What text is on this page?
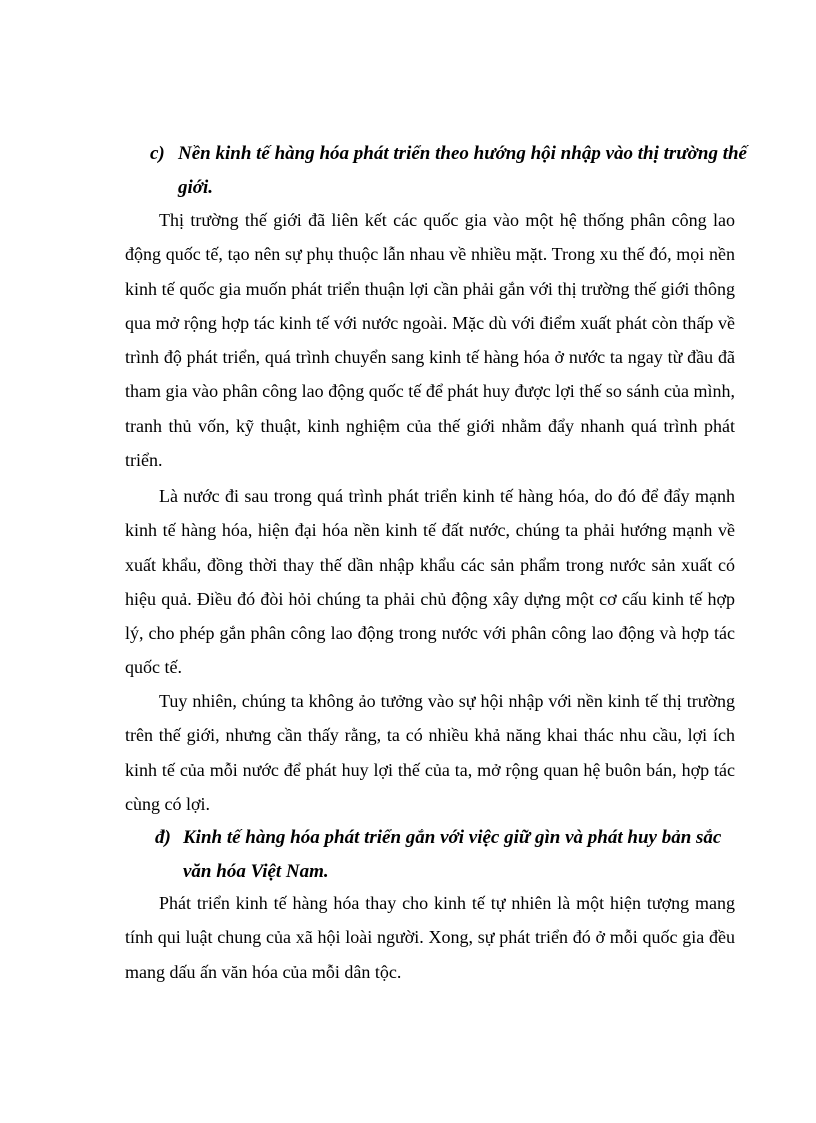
c) Nền kinh tế hàng hóa phát triển theo hướng hội nhập vào thị trường thế
giới.

Thị trường thế giới đã liên kết các quốc gia vào một hệ thống phân công lao động quốc tế, tạo nên sự phụ thuộc lẫn nhau về nhiều mặt. Trong xu thế đó, mọi nền kinh tế quốc gia muốn phát triển thuận lợi cần phải gắn với thị trường thế giới thông qua mở rộng hợp tác kinh tế với nước ngoài. Mặc dù với điểm xuất phát còn thấp về trình độ phát triển, quá trình chuyển sang kinh tế hàng hóa ở nước ta ngay từ đầu đã tham gia vào phân công lao động quốc tế để phát huy được lợi thế so sánh của mình, tranh thủ vốn, kỹ thuật, kinh nghiệm của thế giới nhằm đẩy nhanh quá trình phát triển.

Là nước đi sau trong quá trình phát triển kinh tế hàng hóa, do đó để đẩy mạnh kinh tế hàng hóa, hiện đại hóa nền kinh tế đất nước, chúng ta phải hướng mạnh về xuất khẩu, đồng thời thay thế dần nhập khẩu các sản phẩm trong nước sản xuất có hiệu quả. Điều đó đòi hỏi chúng ta phải chủ động xây dựng một cơ cấu kinh tế hợp lý, cho phép gắn phân công lao động trong nước với phân công lao động và hợp tác quốc tế.

Tuy nhiên, chúng ta không ảo tưởng vào sự hội nhập với nền kinh tế thị trường trên thế giới, nhưng cần thấy rằng, ta có nhiều khả năng khai thác nhu cầu, lợi ích kinh tế của mỗi nước để phát huy lợi thế của ta, mở rộng quan hệ buôn bán, hợp tác cùng có lợi.

đ) Kinh tế hàng hóa phát triển gắn với việc giữ gìn và phát huy bản sắc
văn hóa Việt Nam.

Phát triển kinh tế hàng hóa thay cho kinh tế tự nhiên là một hiện tượng mang tính qui luật chung của xã hội loài người. Xong, sự phát triển đó ở mỗi quốc gia đều mang dấu ấn văn hóa của mỗi dân tộc.
